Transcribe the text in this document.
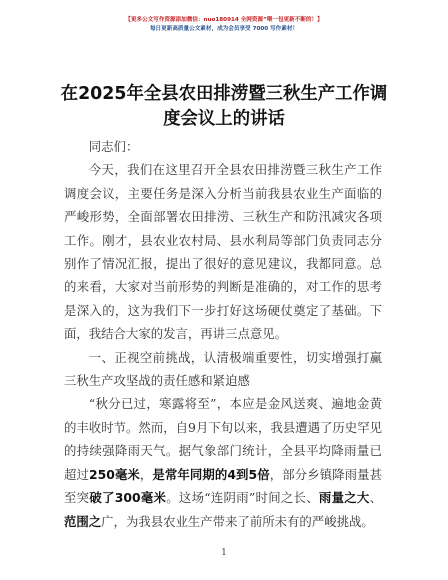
【更多公文写作资源添加微信：nuo180914 全网资源”喂一包更新不断的！】
每日更新高质量公文素材，成为会员享受 7000 写作素材！
在2025年全县农田排涝暨三秋生产工作调度会议上的讲话

同志们：

今天，我们在这里召开全县农田排涝暨三秋生产工作调度会议，主要任务是深入分析当前我县农业生产面临的严峻形势，全面部署农田排涝、三秋生产和防汛减灾各项工作。刚才，县农业农村局、县水利局等部门负责同志分别作了情况汇报，提出了很好的意见建议，我都同意。总的来看，大家对当前形势的判断是准确的，对工作的思考是深入的，这为我们下一步打好这场硬仗奠定了基础。下面，我结合大家的发言，再讲三点意见。

一、正视空前挑战，认清极端重要性，切实增强打赢三秋生产攻坚战的责任感和紧迫感

“秋分已过，寒露将至”，本应是金风送爽、遍地金黄的丰收时节。然而，自9月下旬以来，我县遭遇了历史罕见的持续强降雨天气。据气象部门统计，全县平均降雨量已超过250毫米，是常年同期的4到5倍，部分乡镇降雨量甚至突破了300毫米。这场“连阴雨”时间之长、雨量之大、范围之广，为我县农业生产带来了前所未有的严峻挑战。

1
